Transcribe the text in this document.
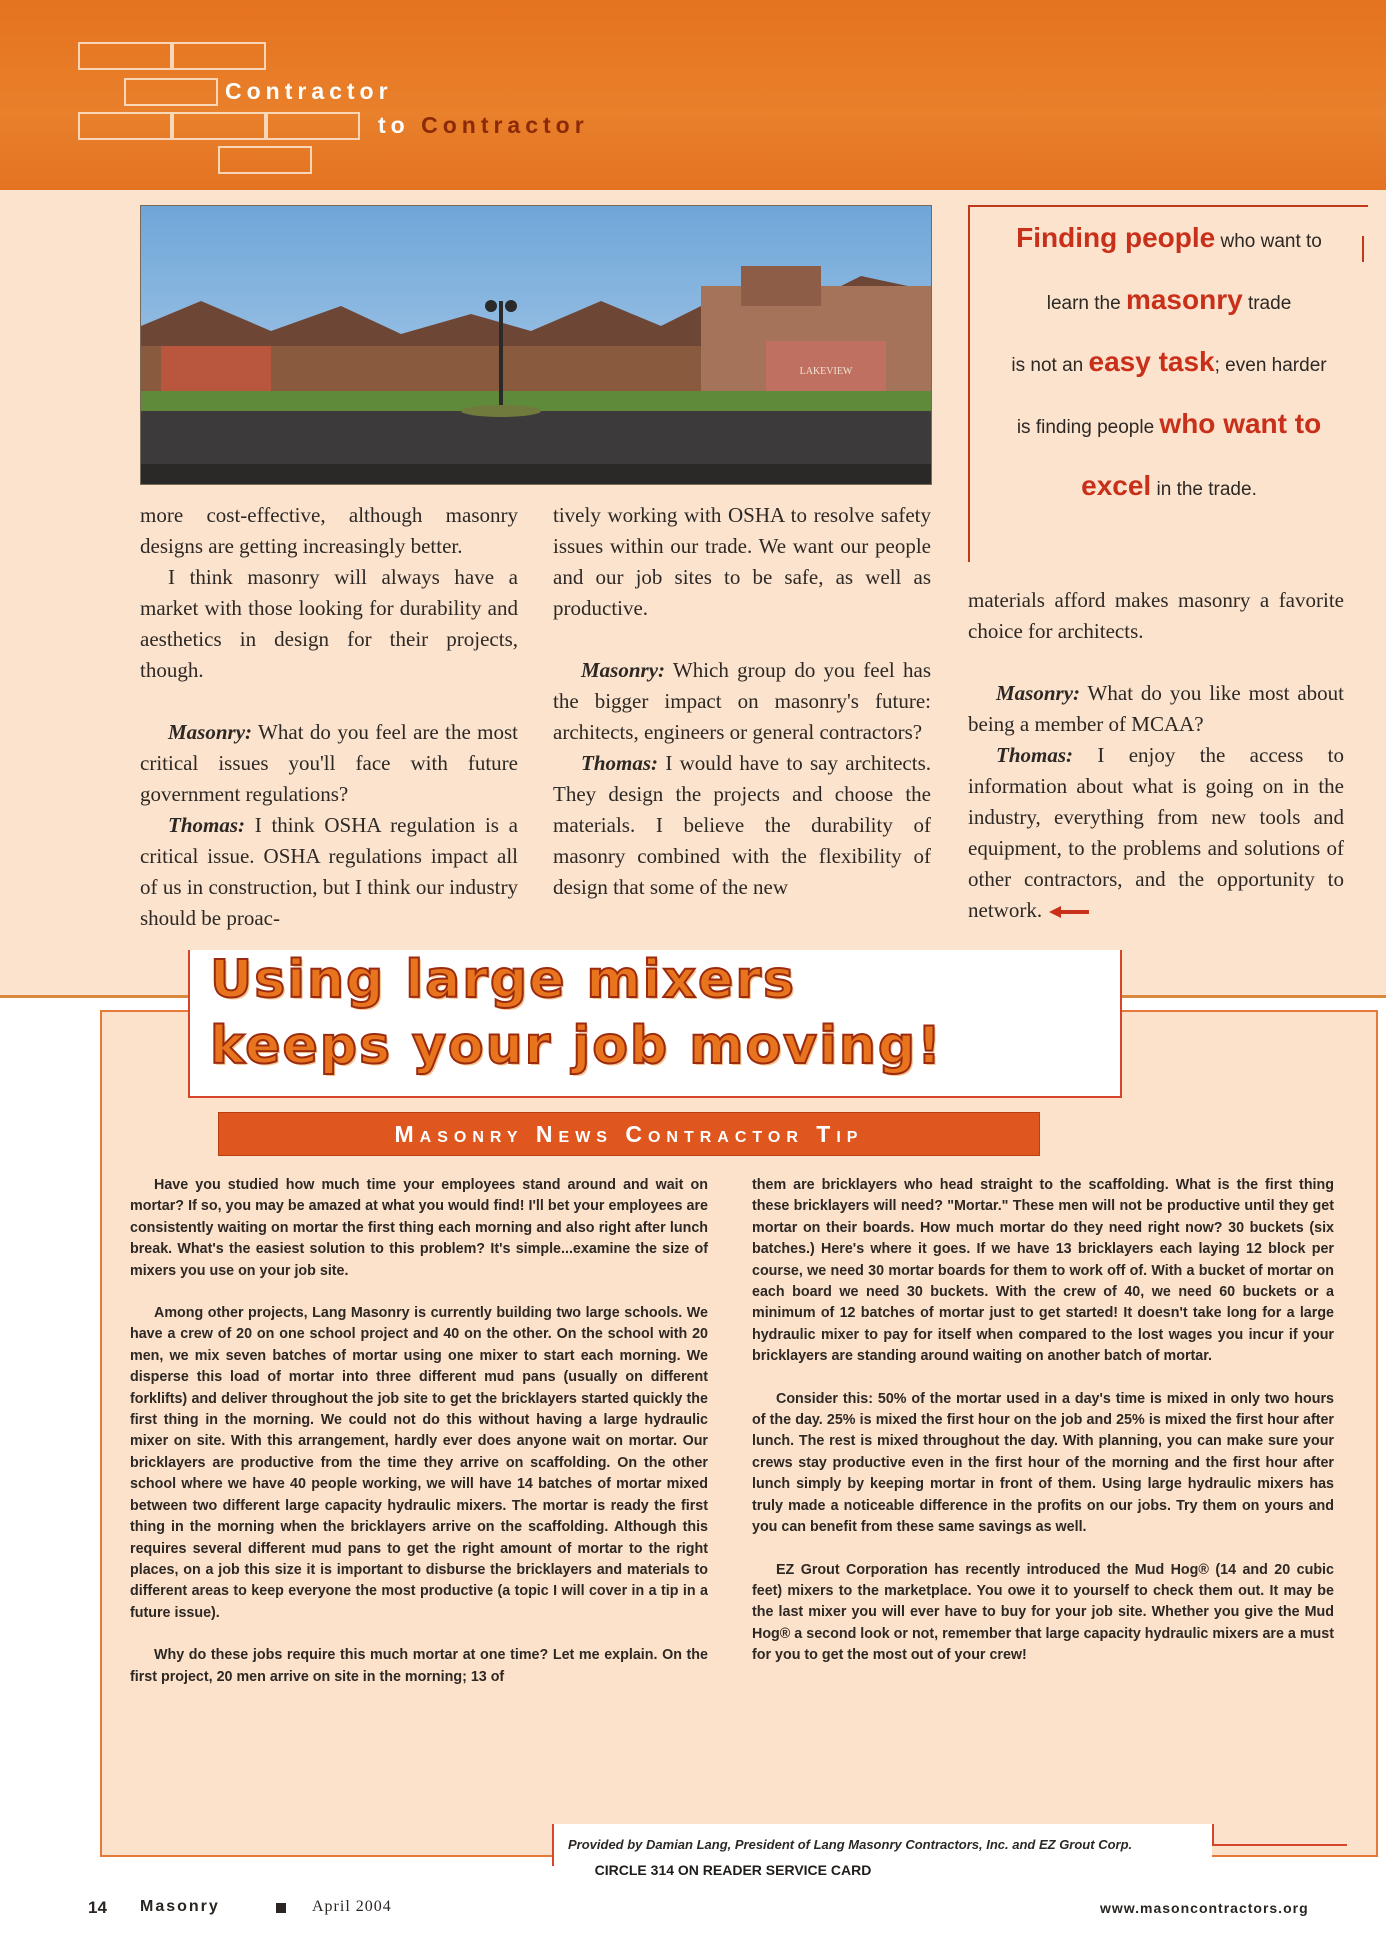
Contractor
to Contractor
LAKEVIEW

more cost-effective, although masonry designs are getting increasingly better.

I think masonry will always have a market with those looking for durability and aesthetics in design for their projects, though.

Masonry: What do you feel are the most critical issues you'll face with future government regulations?

Thomas: I think OSHA regulation is a critical issue. OSHA regulations impact all of us in construction, but I think our industry should be proac-

tively working with OSHA to resolve safety issues within our trade. We want our people and our job sites to be safe, as well as productive.

Masonry: Which group do you feel has the bigger impact on masonry's future: architects, engineers or general contractors?

Thomas: I would have to say architects. They design the projects and choose the materials. I believe the durability of masonry combined with the flexibility of design that some of the new

Finding people who want to
learn the masonry trade
is not an easy task; even harder
is finding people who want to
excel in the trade.

materials afford makes masonry a favorite choice for architects.

Masonry: What do you like most about being a member of MCAA?

Thomas: I enjoy the access to information about what is going on in the industry, everything from new tools and equipment, to the problems and solutions of other contractors, and the opportunity to network.

Using large mixers
keeps your job moving!
Masonry News Contractor Tip

Have you studied how much time your employees stand around and wait on mortar? If so, you may be amazed at what you would find! I'll bet your employees are consistently waiting on mortar the first thing each morning and also right after lunch break. What's the easiest solution to this problem? It's simple...examine the size of mixers you use on your job site.

Among other projects, Lang Masonry is currently building two large schools. We have a crew of 20 on one school project and 40 on the other. On the school with 20 men, we mix seven batches of mortar using one mixer to start each morning. We disperse this load of mortar into three different mud pans (usually on different forklifts) and deliver throughout the job site to get the bricklayers started quickly the first thing in the morning. We could not do this without having a large hydraulic mixer on site. With this arrangement, hardly ever does anyone wait on mortar. Our bricklayers are productive from the time they arrive on scaffolding. On the other school where we have 40 people working, we will have 14 batches of mortar mixed between two different large capacity hydraulic mixers. The mortar is ready the first thing in the morning when the bricklayers arrive on the scaffolding. Although this requires several different mud pans to get the right amount of mortar to the right places, on a job this size it is important to disburse the bricklayers and materials to different areas to keep everyone the most productive (a topic I will cover in a tip in a future issue).

Why do these jobs require this much mortar at one time? Let me explain. On the first project, 20 men arrive on site in the morning; 13 of

them are bricklayers who head straight to the scaffolding. What is the first thing these bricklayers will need? "Mortar." These men will not be productive until they get mortar on their boards. How much mortar do they need right now? 30 buckets (six batches.) Here's where it goes. If we have 13 bricklayers each laying 12 block per course, we need 30 mortar boards for them to work off of. With a bucket of mortar on each board we need 30 buckets. With the crew of 40, we need 60 buckets or a minimum of 12 batches of mortar just to get started! It doesn't take long for a large hydraulic mixer to pay for itself when compared to the lost wages you incur if your bricklayers are standing around waiting on another batch of mortar.

Consider this: 50% of the mortar used in a day's time is mixed in only two hours of the day. 25% is mixed the first hour on the job and 25% is mixed the first hour after lunch. The rest is mixed throughout the day. With planning, you can make sure your crews stay productive even in the first hour of the morning and the first hour after lunch simply by keeping mortar in front of them. Using large hydraulic mixers has truly made a noticeable difference in the profits on our jobs. Try them on yours and you can benefit from these same savings as well.

EZ Grout Corporation has recently introduced the Mud Hog® (14 and 20 cubic feet) mixers to the marketplace. You owe it to yourself to check them out. It may be the last mixer you will ever have to buy for your job site. Whether you give the Mud Hog® a second look or not, remember that large capacity hydraulic mixers are a must for you to get the most out of your crew!

Provided by Damian Lang, President of Lang Masonry Contractors, Inc. and EZ Grout Corp.
CIRCLE 314 ON READER SERVICE CARD
14 Masonry	April 2004	www.masoncontractors.org
